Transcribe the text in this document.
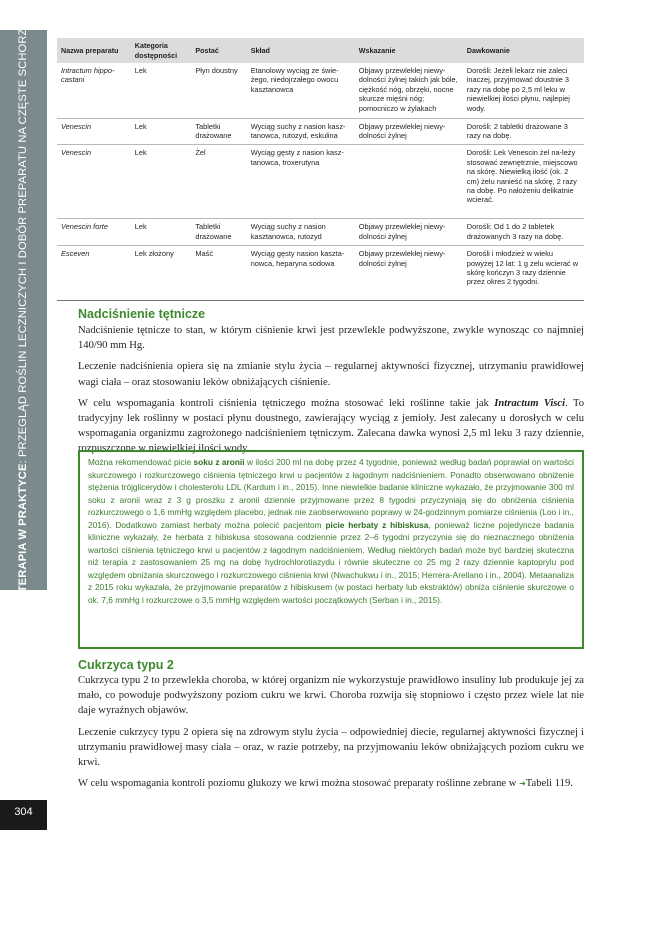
FITOTERAPIA W PRAKTYCE: PRZEGLĄD ROŚLIN LECZNICZYCH I DOBÓR PREPARATU NA CZĘSTE SCHORZENIA
304
Nazwa preparatu	Kategoria dostępności	Postać	Skład	Wskazanie	Dawkowanie
Intractum hippo-castani	Lek	Płyn doustny	Etanolowy wyciąg ze świe-żego, niedojrzałego owocu kasztanowca	Objawy przewlekłej niewy-dolności żylnej takich jak bóle, ciężkość nóg, obrzęki, nocne skurcze mięśni nóg; pomocniczo w żylakach	Dorośli: Jeżeli lekarz nie zaleci inaczej, przyjmować doustnie 3 razy na dobę po 2,5 ml leku w niewielkiej ilości płynu, najlepiej wody.
Venescin	Lek	Tabletki drażowane	Wyciąg suchy z nasion kasz-tanowca, rutozyd, eskulina	Objawy przewlekłej niewy-dolności żylnej	Dorośli: 2 tabletki drażowane 3 razy na dobę.
Venescin	Lek	Żel	Wyciąg gęsty z nasion kasz-tanowca, troxerutyna		Dorośli: Lek Venescin żel na-leży stosować zewnętrznie, miejscowo na skórę. Niewielką ilość (ok. 2 cm) żelu nanieść na skórę, 2 razy na dobę. Po nałożeniu delikatnie wcierać.
Venescin forte	Lek	Tabletki drażowane	Wyciąg suchy z nasion kasztanowca, rutozyd	Objawy przewlekłej niewy-dolności żylnej	Dorośli: Od 1 do 2 tabletek drażowanych 3 razy na dobę.
Esceven	Lek złożony	Maść	Wyciąg gęsty nasion kaszta-nowca, heparyna sodowa	Objawy przewlekłej niewy-dolności żylnej	Dorośli i młodzież w wieku powyżej 12 lat: 1 g żelu wcierać w skórę kończyn 3 razy dziennie przez okres 2 tygodni.
Nadciśnienie tętnicze

Nadciśnienie tętnicze to stan, w którym ciśnienie krwi jest przewlekle podwyższone, zwykle wynosząc co najmniej 140/90 mm Hg.

Leczenie nadciśnienia opiera się na zmianie stylu życia – regularnej aktywności fizycznej, utrzymaniu prawidłowej wagi ciała – oraz stosowaniu leków obniżających ciśnienie.

W celu wspomagania kontroli ciśnienia tętniczego można stosować leki roślinne takie jak Intractum Visci. To tradycyjny lek roślinny w postaci płynu doustnego, zawierający wyciąg z jemioły. Jest zalecany u dorosłych w celu wspomagania organizmu zagrożonego nadciśnieniem tętniczym. Zalecana dawka wynosi 2,5 ml leku 3 razy dziennie, rozpuszczone w niewielkiej ilości wody.

Można rekomendować picie soku z aronii w ilości 200 ml na dobę przez 4 tygodnie, ponieważ według badań poprawiał on wartości skurczowego i rozkurczowego ciśnienia tętniczego krwi u pacjentów z łagodnym nadciśnieniem. Ponadto obserwowano obniżenie stężenia trójglicerydów i cholesterolu LDL (Kardum i in., 2015). Inne niewielkie badanie kliniczne wykazało, że przyjmowanie 300 ml soku z aronii wraz z 3 g proszku z aronii dziennie przyjmowane przez 8 tygodni przyczyniają się do obniżenia ciśnienia rozkurczowego o 1,6 mmHg względem placebo, jednak nie zaobserwowano poprawy w 24-godzinnym pomiarze ciśnienia (Loo i in., 2016). Dodatkowo zamiast herbaty można polecić pacjentom picie herbaty z hibiskusa, ponieważ liczne pojedyncze badania kliniczne wykazały, że herbata z hibiskusa stosowana codziennie przez 2–6 tygodni przyczynia się do nieznacznego obniżenia wartości ciśnienia tętniczego krwi u pacjentów z łagodnym nadciśnieniem. Według niektórych badań może być bardziej skuteczna niż terapia z zastosowaniem 25 mg na dobę hydrochlorotiazydu i równie skuteczne co 25 mg 2 razy dziennie kaptoprylu pod względem obniżania skurczowego i rozkurczowego ciśnienia krwi (Nwachukwu i in., 2015; Herrera-Arellano i in., 2004). Metaanaliza z 2015 roku wykazała, że przyjmowanie preparatów z hibiskusem (w postaci herbaty lub ekstraktów) obniża ciśnienie skurczowe o ok. 7,6 mmHg i rozkurczowe o 3,5 mmHg względem wartości początkowych (Serban i in., 2015).

Cukrzyca typu 2

Cukrzyca typu 2 to przewlekła choroba, w której organizm nie wykorzystuje prawidłowo insuliny lub produkuje jej za mało, co powoduje podwyższony poziom cukru we krwi. Choroba rozwija się stopniowo i często przez wiele lat nie daje wyraźnych objawów.

Leczenie cukrzycy typu 2 opiera się na zdrowym stylu życia – odpowiedniej diecie, regularnej aktywności fizycznej i utrzymaniu prawidłowej masy ciała – oraz, w razie potrzeby, na przyjmowaniu leków obniżających poziom cukru we krwi.

W celu wspomagania kontroli poziomu glukozy we krwi można stosować preparaty roślinne zebrane w ➜Tabeli 119.
